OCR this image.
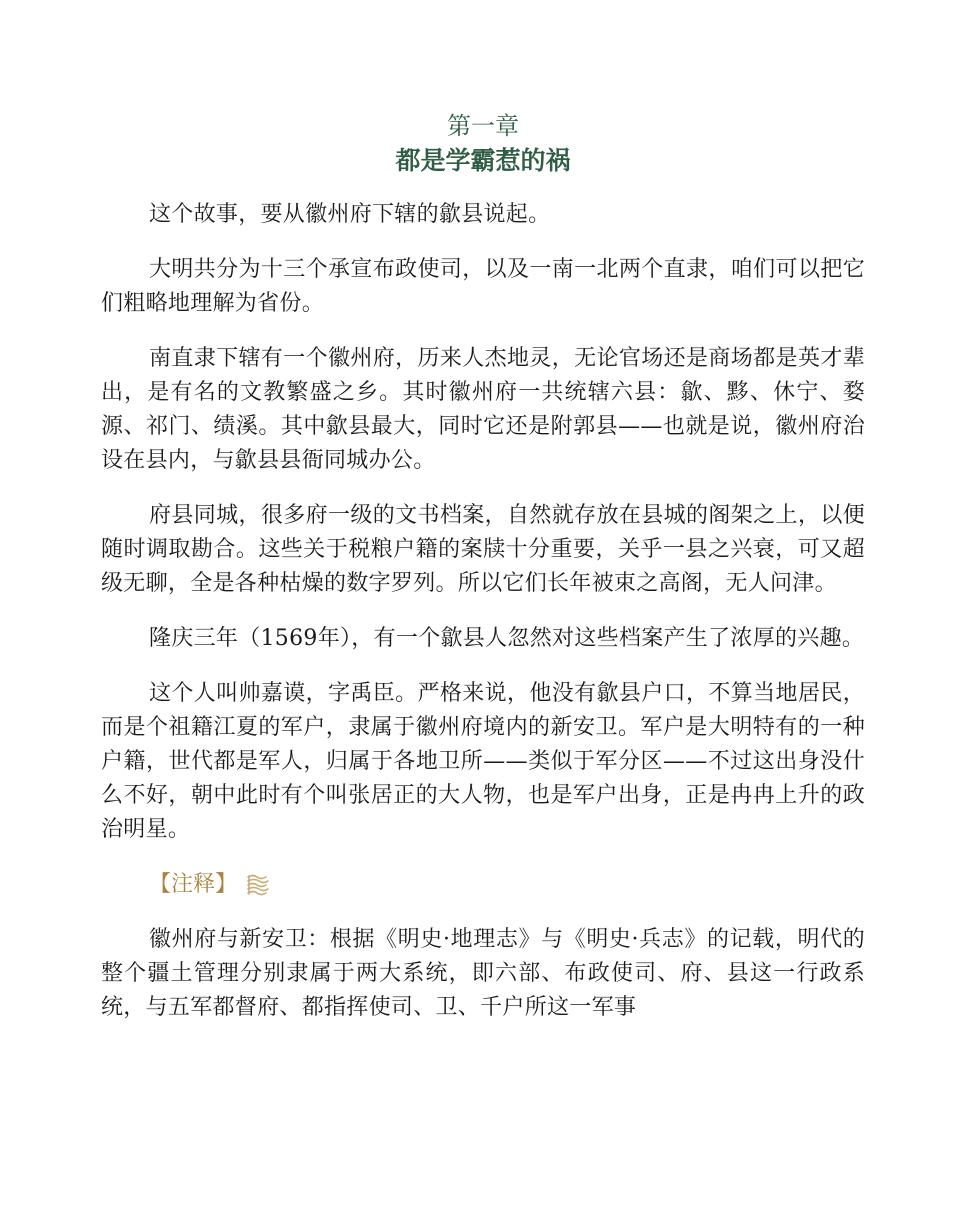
第一章
都是学霸惹的祸

这个故事，要从徽州府下辖的歙县说起。

大明共分为十三个承宣布政使司，以及一南一北两个直隶，咱们可以把它们粗略地理解为省份。

南直隶下辖有一个徽州府，历来人杰地灵，无论官场还是商场都是英才辈出，是有名的文教繁盛之乡。其时徽州府一共统辖六县：歙、黟、休宁、婺源、祁门、绩溪。其中歙县最大，同时它还是附郭县——也就是说，徽州府治设在县内，与歙县县衙同城办公。

府县同城，很多府一级的文书档案，自然就存放在县城的阁架之上，以便随时调取勘合。这些关于税粮户籍的案牍十分重要，关乎一县之兴衰，可又超级无聊，全是各种枯燥的数字罗列。所以它们长年被束之高阁，无人问津。

隆庆三年（1569年），有一个歙县人忽然对这些档案产生了浓厚的兴趣。

这个人叫帅嘉谟，字禹臣。严格来说，他没有歙县户口，不算当地居民，而是个祖籍江夏的军户，隶属于徽州府境内的新安卫。军户是大明特有的一种户籍，世代都是军人，归属于各地卫所——类似于军分区——不过这出身没什么不好，朝中此时有个叫张居正的大人物，也是军户出身，正是冉冉上升的政治明星。

【注释】

徽州府与新安卫：根据《明史·地理志》与《明史·兵志》的记载，明代的整个疆土管理分别隶属于两大系统，即六部、布政使司、府、县这一行政系统，与五军都督府、都指挥使司、卫、千户所这一军事
